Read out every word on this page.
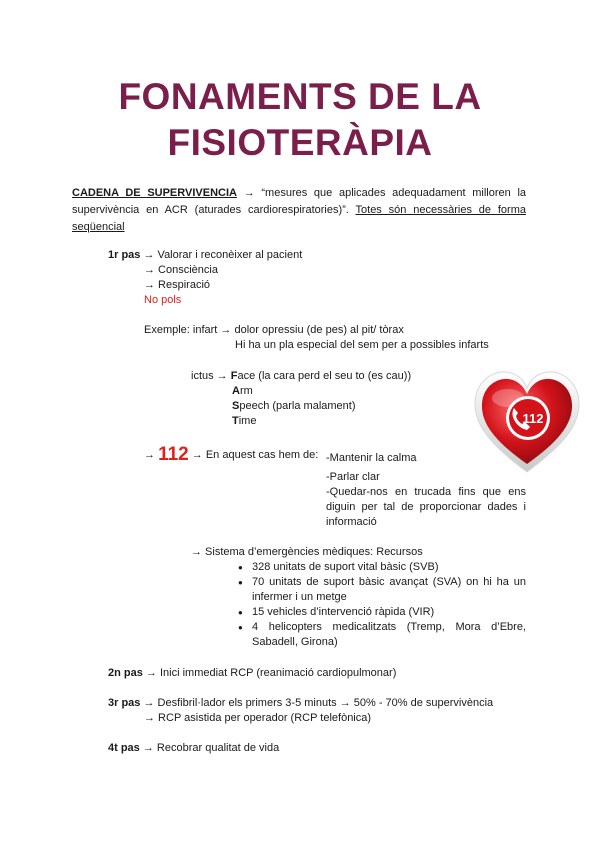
FONAMENTS DE LA
FISIOTERÀPIA
CADENA DE SUPERVIVENCIA → “mesures que aplicades adequadament milloren la supervivència en ACR (aturades cardiorespiratories)”. Totes són necessàries de forma seqüencial
1r pas → Valorar i reconèixer al pacient
→ Consciència
→ Respiració
No pols
Exemple: infart → dolor opressiu (de pes) al pit/ tòrax
Hi ha un pla especial del sem per a possibles infarts
ictus → Face (la cara perd el seu to (es cau))
Arm
Speech (parla malament)
Time	112
→ 112 → En aquest cas hem de: -Mantenir la calma
-Parlar clar
-Quedar-nos en trucada fins que ens diguin per tal de proporcionar dades i informació
→ Sistema d’emergències mèdiques: Recursos
● 328 unitats de suport vital bàsic (SVB)
● 70 unitats de suport bàsic avançat (SVA) on hi ha un infermer i un metge
● 15 vehicles d’intervenció ràpida (VIR)
● 4 helicopters medicalitzats (Tremp, Mora d’Ebre, Sabadell, Girona)
2n pas → Inici immediat RCP (reanimació cardiopulmonar)
3r pas → Desfibril·lador els primers 3-5 minuts → 50% - 70% de supervivència
→ RCP asistida per operador (RCP telefònica)
4t pas → Recobrar qualitat de vida
